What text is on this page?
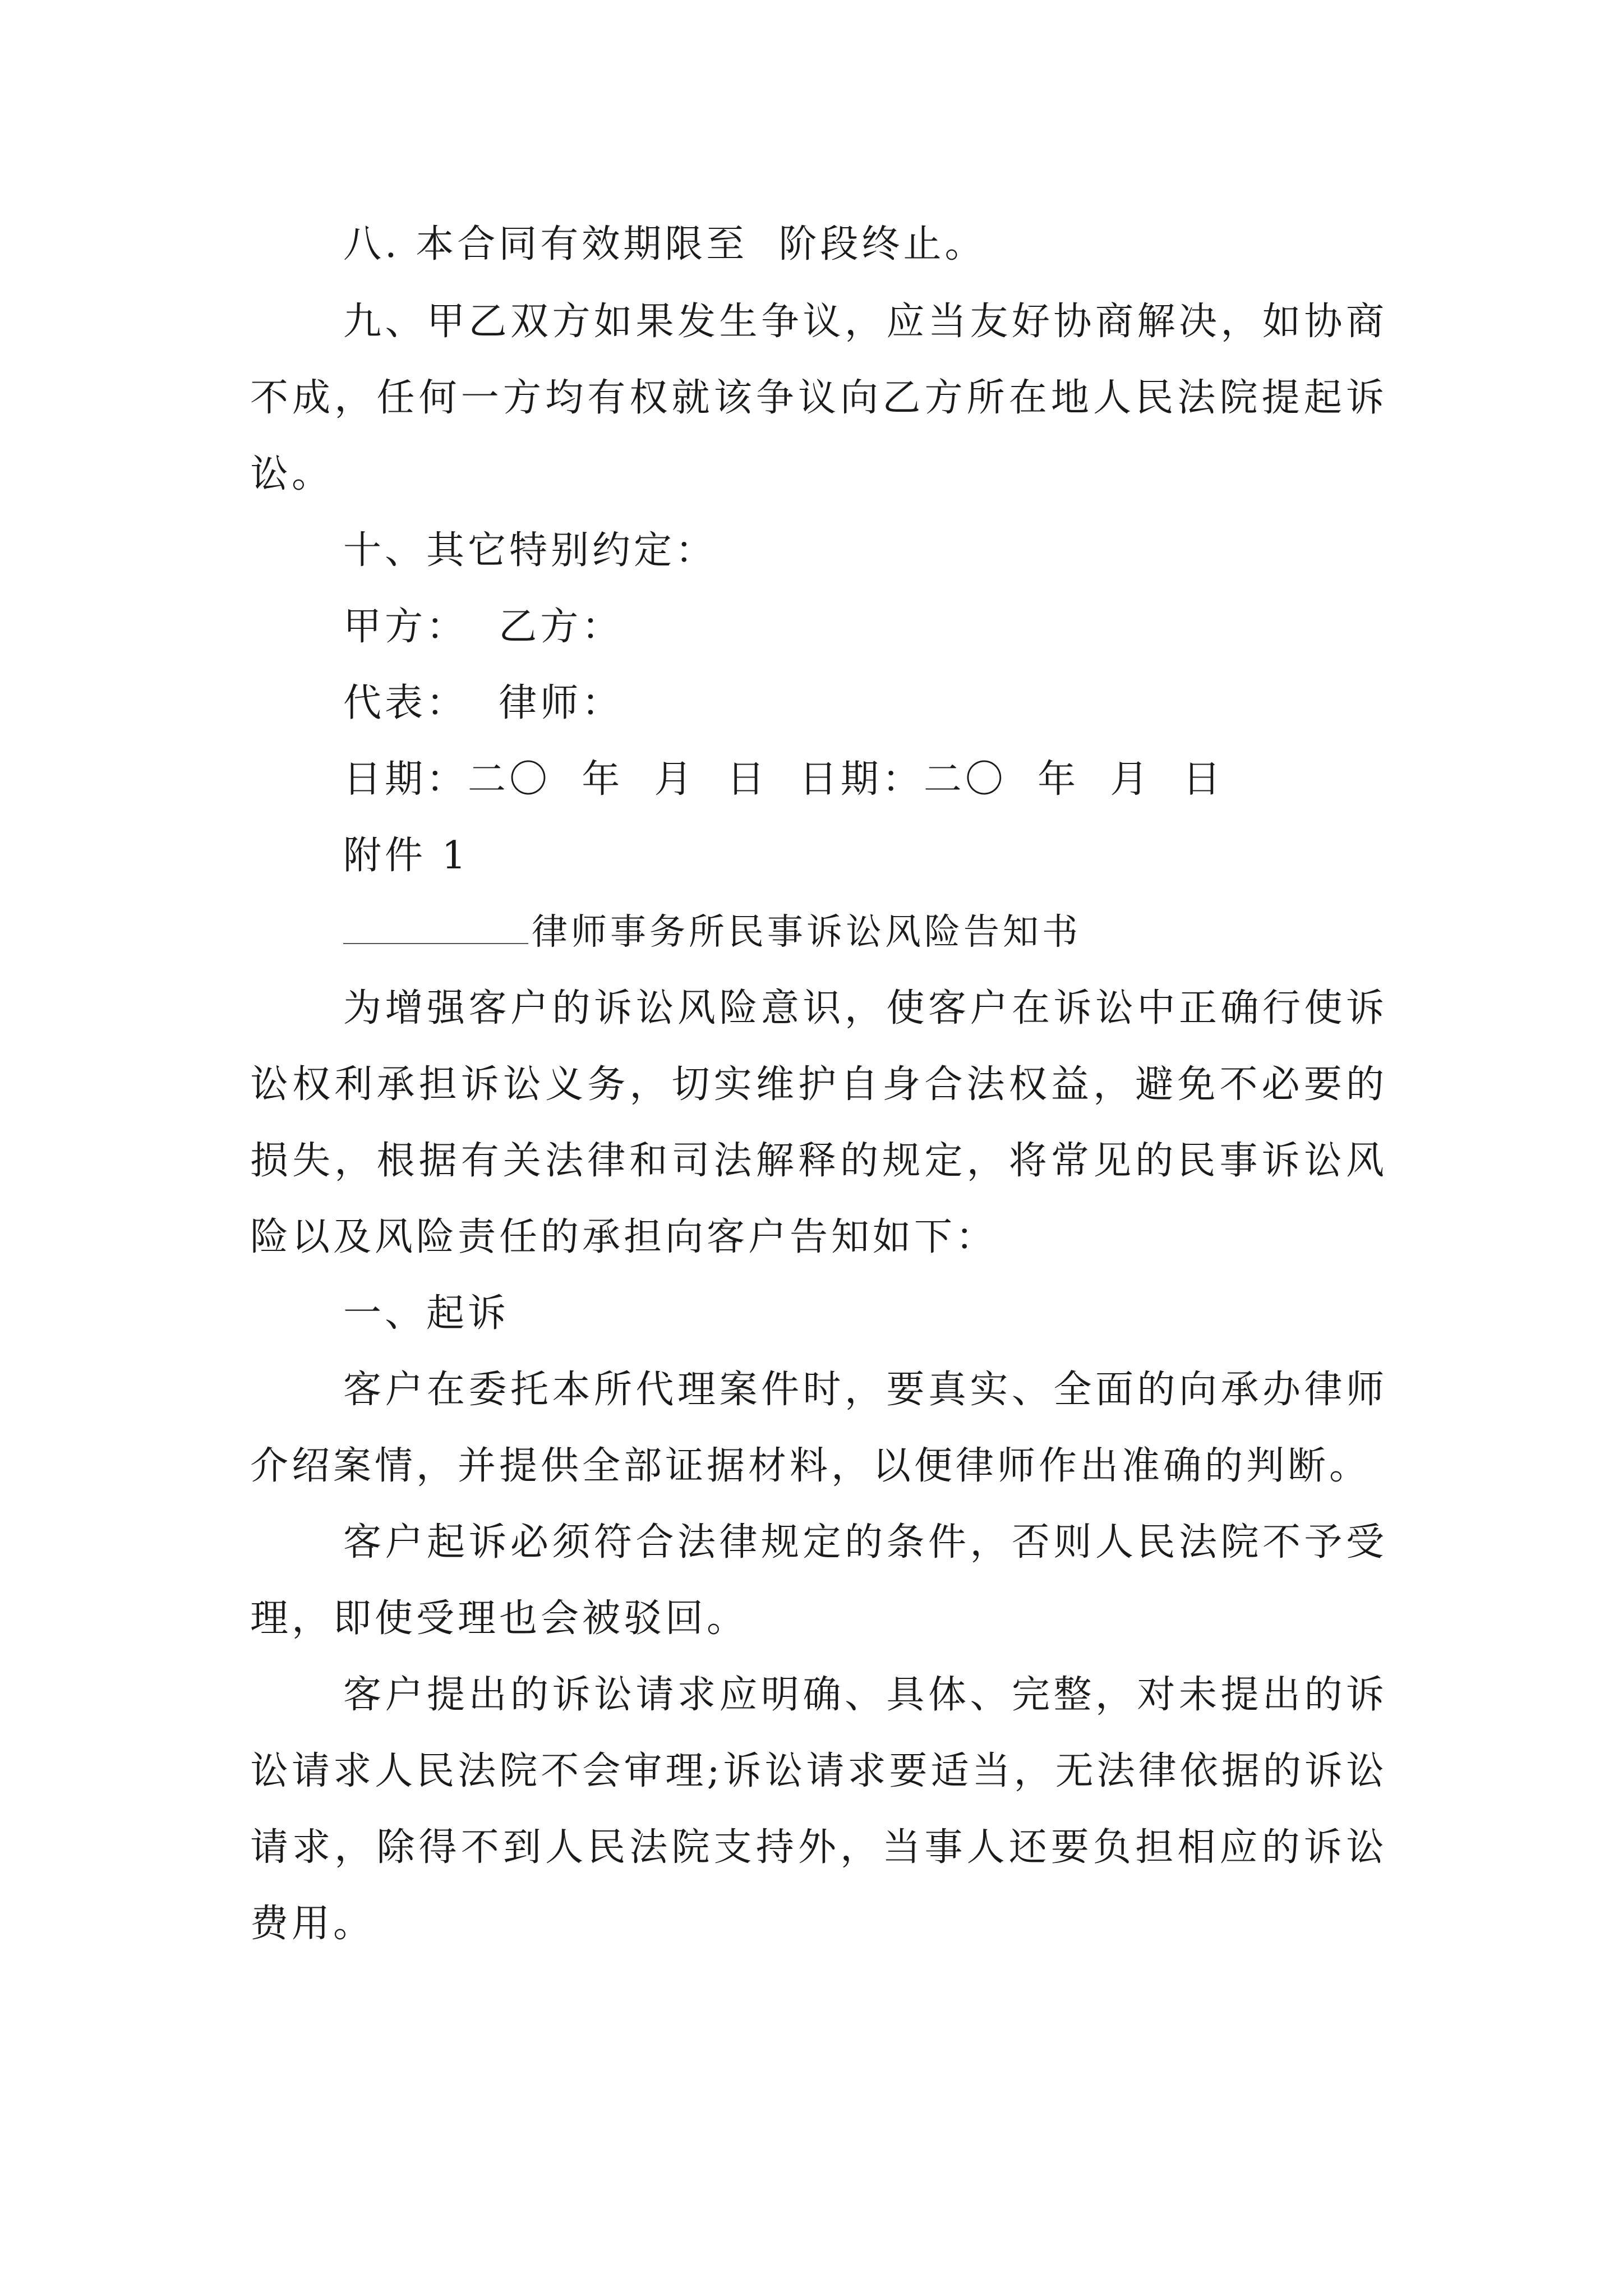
八. 本合同有效期限至  阶段终止。

九、甲乙双方如果发生争议，应当友好协商解决，如协商不成，任何一方均有权就该争议向乙方所在地人民法院提起诉讼。

十、其它特别约定：

甲方：  乙方：

代表：  律师：

日期：二〇  年  月  日  日期：二〇  年  月  日

附件 1

律师事务所民事诉讼风险告知书

为增强客户的诉讼风险意识，使客户在诉讼中正确行使诉讼权利承担诉讼义务，切实维护自身合法权益，避免不必要的损失，根据有关法律和司法解释的规定，将常见的民事诉讼风险以及风险责任的承担向客户告知如下：

一、起诉

客户在委托本所代理案件时，要真实、全面的向承办律师介绍案情，并提供全部证据材料，以便律师作出准确的判断。

客户起诉必须符合法律规定的条件，否则人民法院不予受理，即使受理也会被驳回。

客户提出的诉讼请求应明确、具体、完整，对未提出的诉讼请求人民法院不会审理;诉讼请求要适当，无法律依据的诉讼请求，除得不到人民法院支持外，当事人还要负担相应的诉讼费用。
